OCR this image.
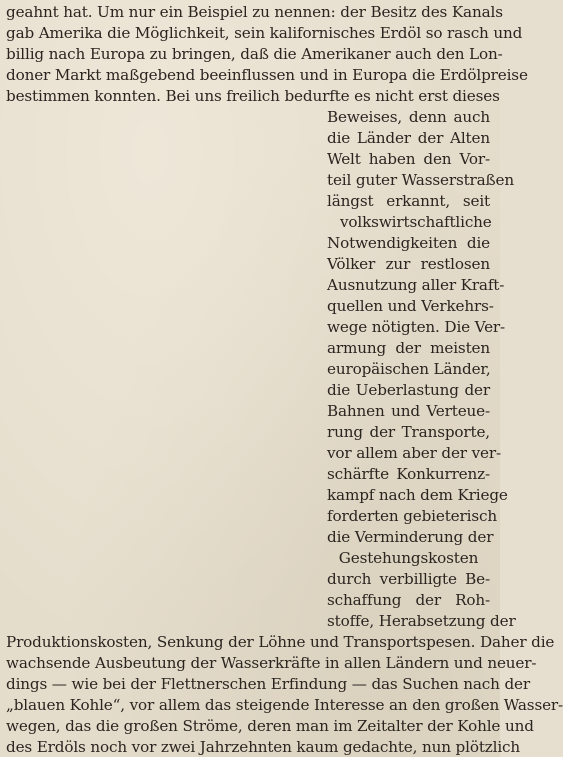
geahnt hat. Um nur ein Beispiel zu nennen: der Besitz des Kanals
gab Amerika die Möglichkeit, sein kalifornisches Erdöl so rasch und
billig nach Europa zu bringen, daß die Amerikaner auch den Lon-
doner Markt maßgebend beeinflussen und in Europa die Erdölpreise
bestimmen konnten. Bei uns freilich bedurfte es nicht erst dieses
Beweises, denn auch
die Länder der Alten
Welt haben den Vor-
teil guter Wasserstraßen
längst erkannt, seit
volkswirtschaftliche
Notwendigkeiten die
Völker zur restlosen
Ausnutzung aller Kraft-
quellen und Verkehrs-
wege nötigten. Die Ver-
armung der meisten
europäischen Länder,
die Ueberlastung der
Bahnen und Verteue-
rung der Transporte,
vor allem aber der ver-
schärfte Konkurrenz-
kampf nach dem Kriege
forderten gebieterisch
die Verminderung der
Gestehungskosten
durch verbilligte Be-
schaffung der Roh-
stoffe, Herabsetzung der
Produktionskosten, Senkung der Löhne und Transportspesen. Daher die
wachsende Ausbeutung der Wasserkräfte in allen Ländern und neuer-
dings — wie bei der Flettnerschen Erfindung — das Suchen nach der
„blauen Kohle“, vor allem das steigende Interesse an den großen Wasser-
wegen, das die großen Ströme, deren man im Zeitalter der Kohle und
des Erdöls noch vor zwei Jahrzehnten kaum gedachte, nun plötzlich
